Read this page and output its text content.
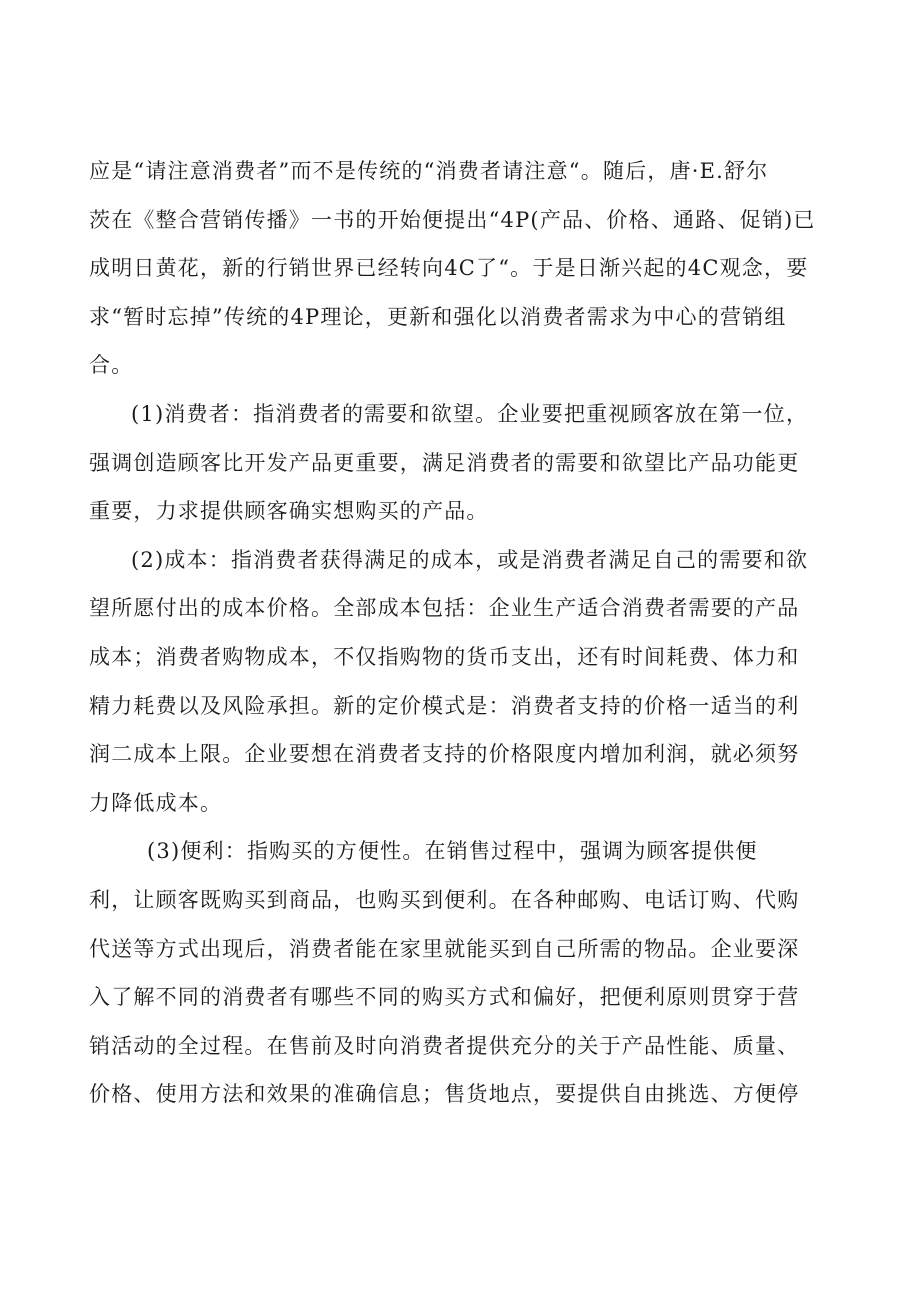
应是“请注意消费者”而不是传统的“消费者请注意“。随后，唐·E.舒尔
茨在《整合营销传播》一书的开始便提出“4P(产品、价格、通路、促销)已
成明日黄花，新的行销世界已经转向4C了“。于是日渐兴起的4C观念，要
求“暂时忘掉”传统的4P理论，更新和强化以消费者需求为中心的营销组
合。
(1)消费者：指消费者的需要和欲望。企业要把重视顾客放在第一位，
强调创造顾客比开发产品更重要，满足消费者的需要和欲望比产品功能更
重要，力求提供顾客确实想购买的产品。
(2)成本：指消费者获得满足的成本，或是消费者满足自己的需要和欲
望所愿付出的成本价格。全部成本包括：企业生产适合消费者需要的产品
成本；消费者购物成本，不仅指购物的货币支出，还有时间耗费、体力和
精力耗费以及风险承担。新的定价模式是：消费者支持的价格一适当的利
润二成本上限。企业要想在消费者支持的价格限度内增加利润，就必须努
力降低成本。
(3)便利：指购买的方便性。在销售过程中，强调为顾客提供便
利，让顾客既购买到商品，也购买到便利。在各种邮购、电话订购、代购
代送等方式出现后，消费者能在家里就能买到自己所需的物品。企业要深
入了解不同的消费者有哪些不同的购买方式和偏好，把便利原则贯穿于营
销活动的全过程。在售前及时向消费者提供充分的关于产品性能、质量、
价格、使用方法和效果的准确信息；售货地点，要提供自由挑选、方便停
